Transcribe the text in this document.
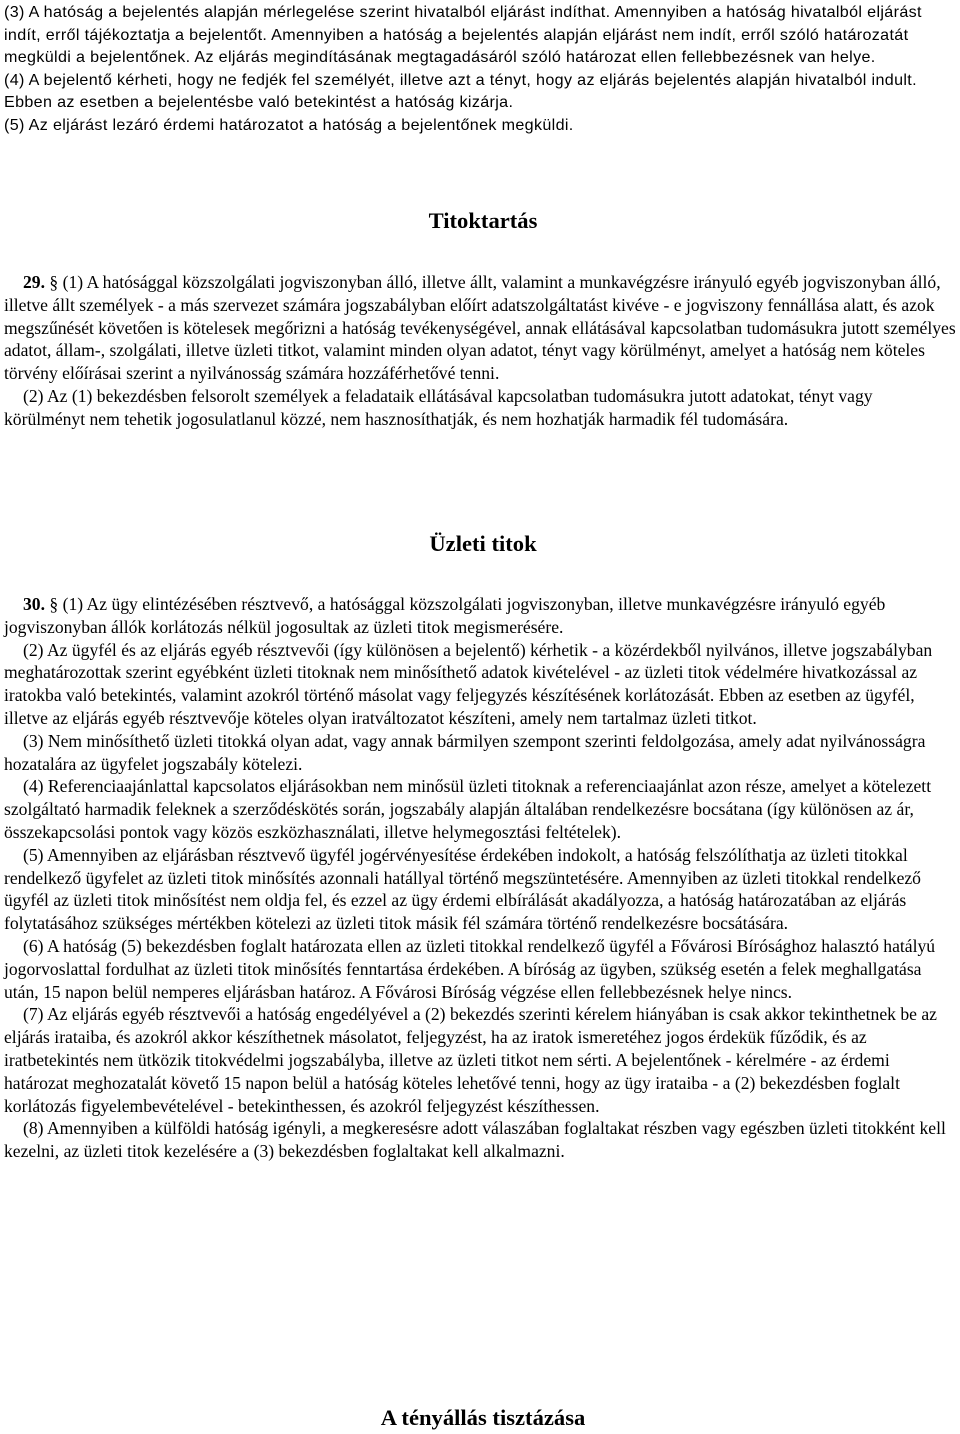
(3) A hatóság a bejelentés alapján mérlegelése szerint hivatalból eljárást indíthat. Amennyiben a hatóság hivatalból eljárást indít, erről tájékoztatja a bejelentőt. Amennyiben a hatóság a bejelentés alapján eljárást nem indít, erről szóló határozatát megküldi a bejelentőnek. Az eljárás megindításának megtagadásáról szóló határozat ellen fellebbezésnek van helye.

(4) A bejelentő kérheti, hogy ne fedjék fel személyét, illetve azt a tényt, hogy az eljárás bejelentés alapján hivatalból indult. Ebben az esetben a bejelentésbe való betekintést a hatóság kizárja.

(5) Az eljárást lezáró érdemi határozatot a hatóság a bejelentőnek megküldi.

Titoktartás

29. § (1) A hatósággal közszolgálati jogviszonyban álló, illetve állt, valamint a munkavégzésre irányuló egyéb jogviszonyban álló, illetve állt személyek - a más szervezet számára jogszabályban előírt adatszolgáltatást kivéve - e jogviszony fennállása alatt, és azok megszűnését követően is kötelesek megőrizni a hatóság tevékenységével, annak ellátásával kapcsolatban tudomásukra jutott személyes adatot, állam-, szolgálati, illetve üzleti titkot, valamint minden olyan adatot, tényt vagy körülményt, amelyet a hatóság nem köteles törvény előírásai szerint a nyilvánosság számára hozzáférhetővé tenni.

(2) Az (1) bekezdésben felsorolt személyek a feladataik ellátásával kapcsolatban tudomásukra jutott adatokat, tényt vagy körülményt nem tehetik jogosulatlanul közzé, nem hasznosíthatják, és nem hozhatják harmadik fél tudomására.

Üzleti titok

30. § (1) Az ügy elintézésében résztvevő, a hatósággal közszolgálati jogviszonyban, illetve munkavégzésre irányuló egyéb jogviszonyban állók korlátozás nélkül jogosultak az üzleti titok megismerésére.

(2) Az ügyfél és az eljárás egyéb résztvevői (így különösen a bejelentő) kérhetik - a közérdekből nyilvános, illetve jogszabályban meghatározottak szerint egyébként üzleti titoknak nem minősíthető adatok kivételével - az üzleti titok védelmére hivatkozással az iratokba való betekintés, valamint azokról történő másolat vagy feljegyzés készítésének korlátozását. Ebben az esetben az ügyfél, illetve az eljárás egyéb résztvevője köteles olyan iratváltozatot készíteni, amely nem tartalmaz üzleti titkot.

(3) Nem minősíthető üzleti titokká olyan adat, vagy annak bármilyen szempont szerinti feldolgozása, amely adat nyilvánosságra hozatalára az ügyfelet jogszabály kötelezi.

(4) Referenciaajánlattal kapcsolatos eljárásokban nem minősül üzleti titoknak a referenciaajánlat azon része, amelyet a kötelezett szolgáltató harmadik feleknek a szerződéskötés során, jogszabály alapján általában rendelkezésre bocsátana (így különösen az ár, összekapcsolási pontok vagy közös eszközhasználati, illetve helymegosztási feltételek).

(5) Amennyiben az eljárásban résztvevő ügyfél jogérvényesítése érdekében indokolt, a hatóság felszólíthatja az üzleti titokkal rendelkező ügyfelet az üzleti titok minősítés azonnali hatállyal történő megszüntetésére. Amennyiben az üzleti titokkal rendelkező ügyfél az üzleti titok minősítést nem oldja fel, és ezzel az ügy érdemi elbírálását akadályozza, a hatóság határozatában az eljárás folytatásához szükséges mértékben kötelezi az üzleti titok másik fél számára történő rendelkezésre bocsátására.

(6) A hatóság (5) bekezdésben foglalt határozata ellen az üzleti titokkal rendelkező ügyfél a Fővárosi Bírósághoz halasztó hatályú jogorvoslattal fordulhat az üzleti titok minősítés fenntartása érdekében. A bíróság az ügyben, szükség esetén a felek meghallgatása után, 15 napon belül nemperes eljárásban határoz. A Fővárosi Bíróság végzése ellen fellebbezésnek helye nincs.

(7) Az eljárás egyéb résztvevői a hatóság engedélyével a (2) bekezdés szerinti kérelem hiányában is csak akkor tekinthetnek be az eljárás irataiba, és azokról akkor készíthetnek másolatot, feljegyzést, ha az iratok ismeretéhez jogos érdekük fűződik, és az iratbetekintés nem ütközik titokvédelmi jogszabályba, illetve az üzleti titkot nem sérti. A bejelentőnek - kérelmére - az érdemi határozat meghozatalát követő 15 napon belül a hatóság köteles lehetővé tenni, hogy az ügy irataiba - a (2) bekezdésben foglalt korlátozás figyelembevételével - betekinthessen, és azokról feljegyzést készíthessen.

(8) Amennyiben a külföldi hatóság igényli, a megkeresésre adott válaszában foglaltakat részben vagy egészben üzleti titokként kell kezelni, az üzleti titok kezelésére a (3) bekezdésben foglaltakat kell alkalmazni.

A tényállás tisztázása
